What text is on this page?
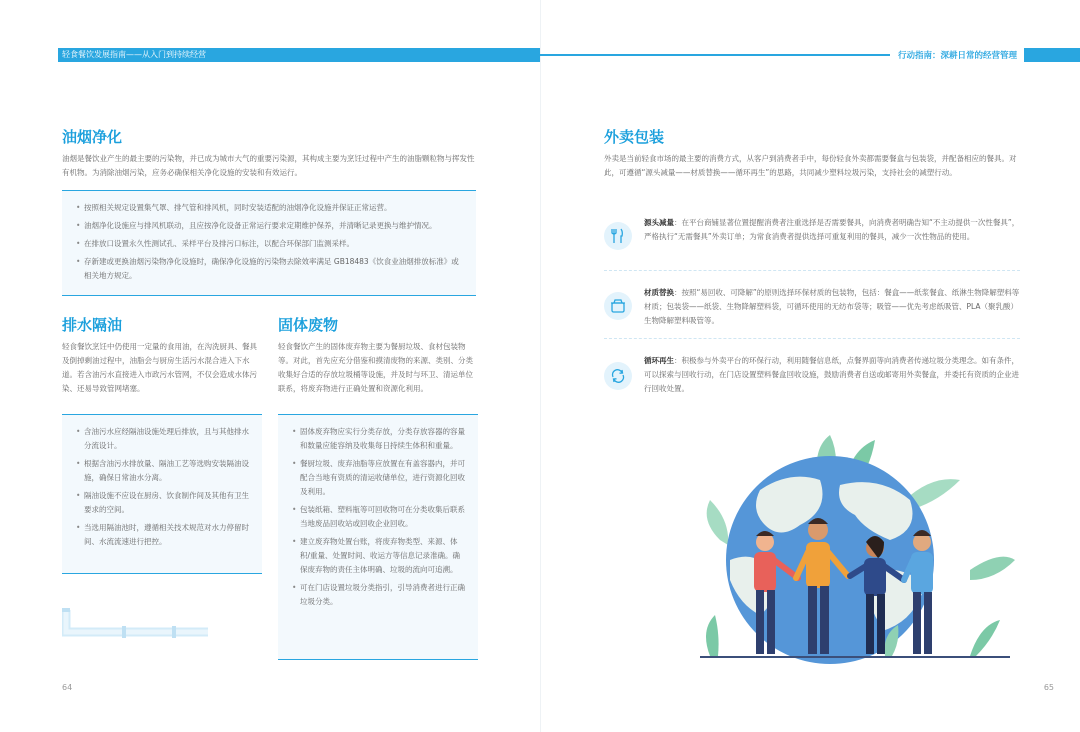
轻食餐饮发展指南——从入门到持续经营
油烟净化
油烟是餐饮业产生的最主要的污染物，并已成为城市大气的重要污染源，其构成主要为烹饪过程中产生的油脂颗粒物与挥发性有机物。为消除油烟污染，应务必确保相关净化设施的安装和有效运行。
• 按照相关规定设置集气罩、排气管和排风机，同时安装适配的油烟净化设施并保证正常运营。
• 油烟净化设施应与排风机联动，且应按净化设备正常运行要求定期维护保养，并清晰记录更换与维护情况。
• 在排放口设置永久性测试孔、采样平台及排污口标注，以配合环保部门监测采样。
• 存新建或更换油烟污染物净化设施时，确保净化设施的污染物去除效率满足 GB18483《饮食业油烟排放标准》或相关地方规定。
排水隔油
轻食餐饮烹饪中仍使用一定量的食用油，在沟洗厨具、餐具及倒掉剩油过程中，油脂会与厨房生活污水混合进入下水道。若含油污水直接进入市政污水管网，不仅会造成水体污染、还易导致管网堵塞。
• 含油污水应经隔油设施处理后排放，且与其他排水分流设计。
• 根据含油污水排放量、隔油工艺等选购安装隔油设施，确保日常油水分离。
• 隔油设施不应设在厨房、饮食制作间及其他有卫生要求的空间。
• 当选用隔油池时，遵循相关技术规范对水力停留时间、水流流速进行把控。
固体废物
轻食餐饮产生的固体废弃物主要为餐厨垃圾、食材包装物等。对此，首先应充分借鉴和摸清废物的来源、类别、分类收集好合适的存放垃圾桶等设施，并及时与环卫、清运单位联系，将废弃物进行正确处置和资源化利用。
• 固体废弃物应实行分类存放，分类存放容器的容量和数量应能容纳及收集每日持续生体积和重量。
• 餐厨垃圾、废弃油脂等应放置在有盖容器内，并可配合当地有资质的清运收储单位，进行资源化回收及利用。
• 包装纸箱、塑料瓶等可回收物可在分类收集后联系当地废品回收站或回收企业回收。
• 建立废弃物处置台账，将废弃物类型、来源、体积/重量、处置时间、收运方等信息记录准确。确保废弃物的责任主体明确、垃圾的流向可追溯。
• 可在门店设置垃圾分类指引，引导消费者进行正确垃圾分类。
64
行动指南：深耕日常的经营管理
外卖包装
外卖是当前轻食市场的最主要的消费方式，从客户到消费者手中，每份轻食外卖都需要餐盒与包装袋，并配备相应的餐具。对此，可遵循“源头减量——材质替换——循环再生”的思路，共同减少塑料垃圾污染，支持社会的减塑行动。
源头减量：在平台商铺显著位置提醒消费者注重选择是否需要餐具，向消费者明确告知“不主动提供一次性餐具”，严格执行“无需餐具”外卖订单；为常食消费者提供选择可重复利用的餐具，减少一次性物品的使用。
材质替换：按照“易回收、可降解”的原则选择环保材质的包装物，包括：餐盒——纸浆餐盒、纸淋生物降解塑料等材质；包装袋——纸袋、生物降解塑料袋，可循环使用的无纺布袋等；吸管——优先考虑纸吸管、PLA（聚乳酸）生物降解塑料吸管等。
循环再生：积极参与外卖平台的环保行动，利用随餐信息纸，点餐界面等向消费者传递垃圾分类理念。如有条件，可以探索与回收行动，在门店设置塑料餐盒回收设施，鼓励消费者自送或邮寄用外卖餐盒，并委托有资质的企业进行回收处置。
65
